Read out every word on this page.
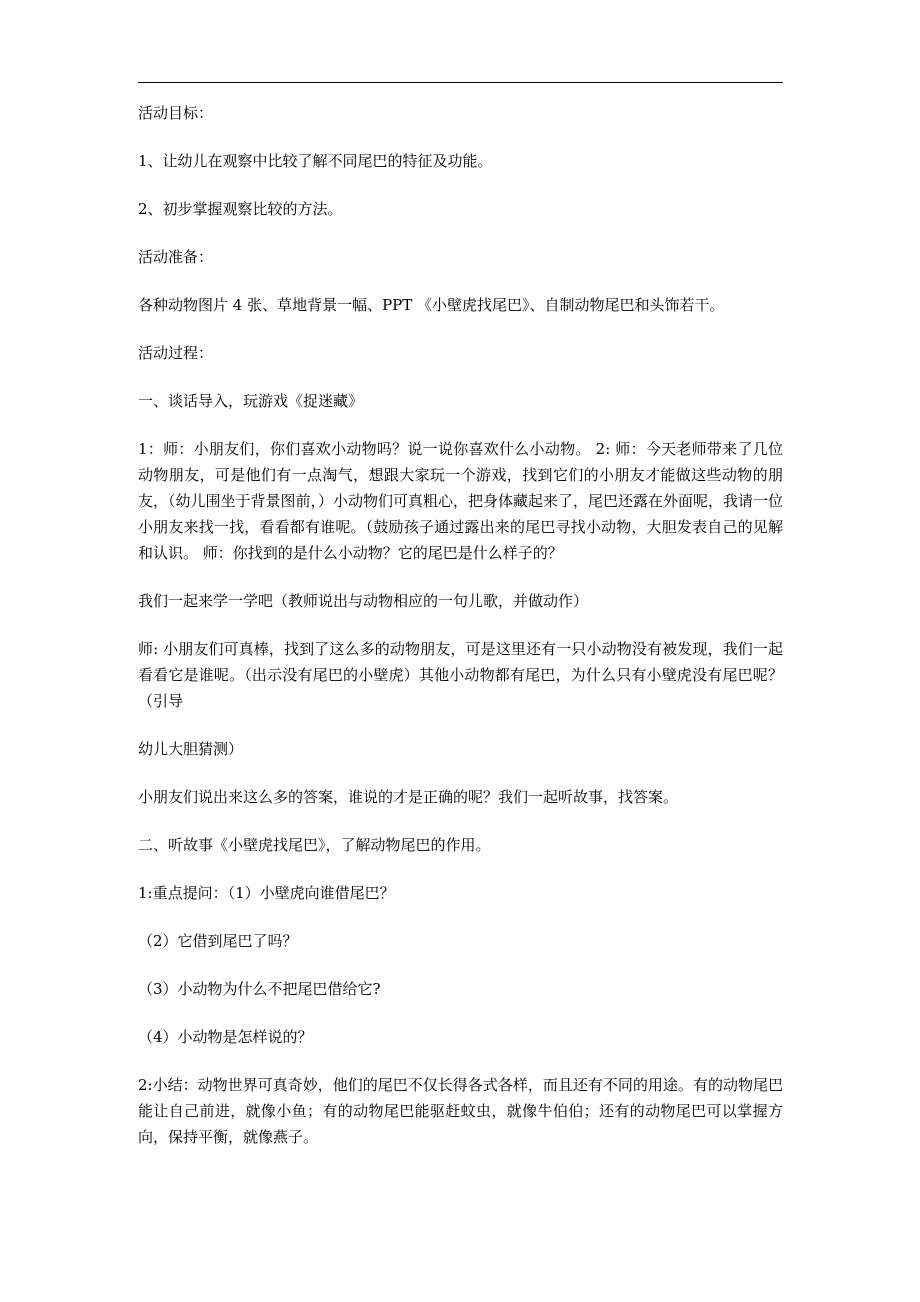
活动目标：

1、让幼儿在观察中比较了解不同尾巴的特征及功能。

2、初步掌握观察比较的方法。

活动准备：

各种动物图片 4 张、草地背景一幅、PPT 《小壁虎找尾巴》、自制动物尾巴和头饰若干。

活动过程：

一、谈话导入，玩游戏《捉迷藏》

1：师：小朋友们，你们喜欢小动物吗？说一说你喜欢什么小动物。 2: 师：今天老师带来了几位动物朋友，可是他们有一点淘气，想跟大家玩一个游戏，找到它们的小朋友才能做这些动物的朋友，（幼儿围坐于背景图前，）小动物们可真粗心，把身体藏起来了，尾巴还露在外面呢，我请一位小朋友来找一找，看看都有谁呢。（鼓励孩子通过露出来的尾巴寻找小动物，大胆发表自己的见解和认识。 师：你找到的是什么小动物？它的尾巴是什么样子的？

我们一起来学一学吧（教师说出与动物相应的一句儿歌，并做动作）

师: 小朋友们可真棒，找到了这么多的动物朋友，可是这里还有一只小动物没有被发现，我们一起看看它是谁呢。（出示没有尾巴的小壁虎）其他小动物都有尾巴，为什么只有小壁虎没有尾巴呢？（引导

幼儿大胆猜测）

小朋友们说出来这么多的答案，谁说的才是正确的呢？我们一起听故事，找答案。

二、听故事《小壁虎找尾巴》，了解动物尾巴的作用。

1:重点提问：（1）小壁虎向谁借尾巴？

（2）它借到尾巴了吗？

（3）小动物为什么不把尾巴借给它?

（4）小动物是怎样说的？

2:小结：动物世界可真奇妙，他们的尾巴不仅长得各式各样，而且还有不同的用途。有的动物尾巴能让自己前进，就像小鱼；有的动物尾巴能驱赶蚊虫，就像牛伯伯；还有的动物尾巴可以掌握方向，保持平衡，就像燕子。
